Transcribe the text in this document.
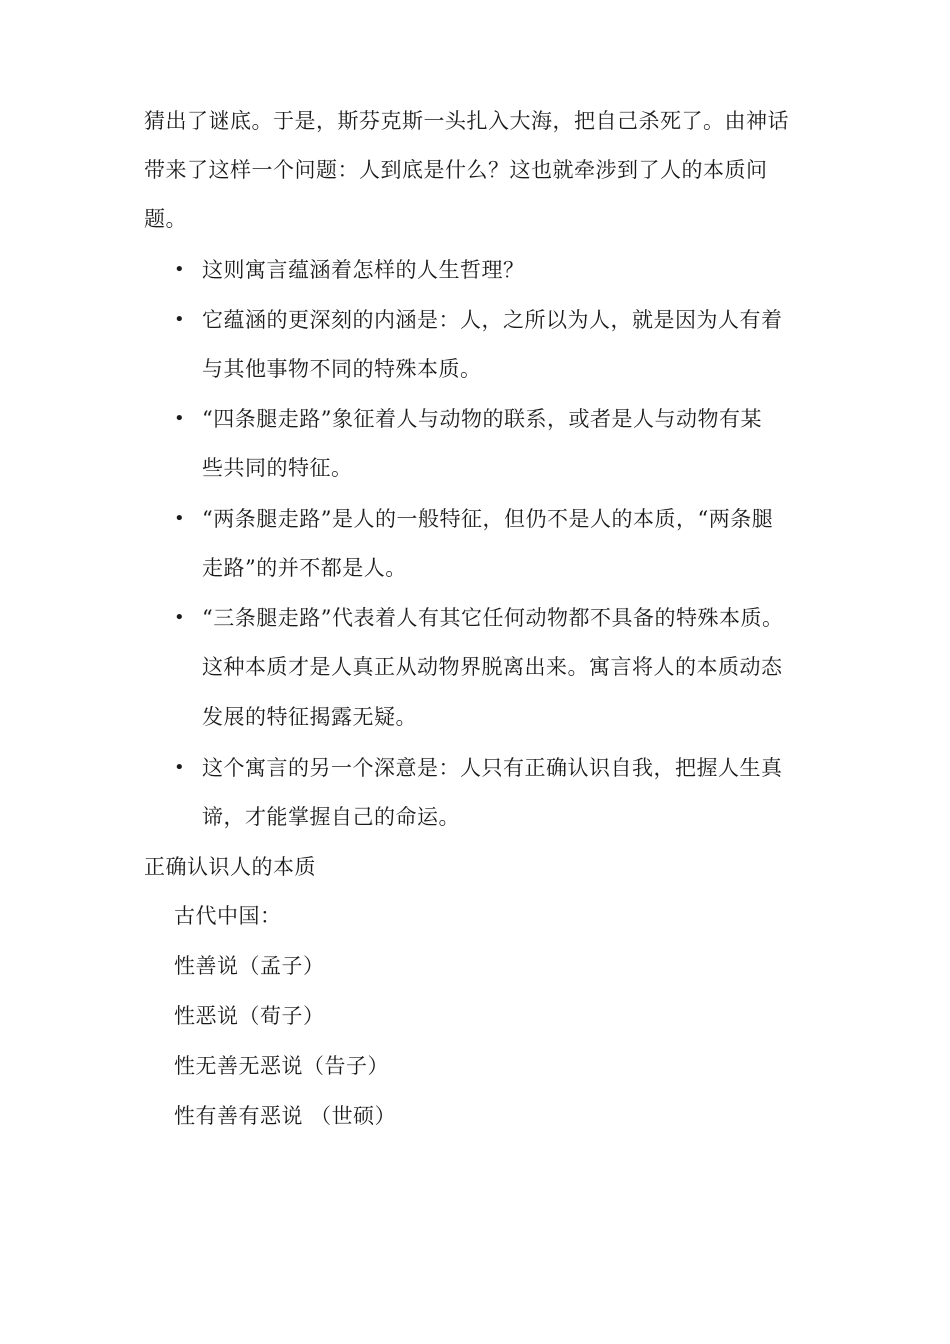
猜出了谜底。于是，斯芬克斯一头扎入大海，把自己杀死了。由神话
带来了这样一个问题：人到底是什么？这也就牵涉到了人的本质问
题。
• 这则寓言蕴涵着怎样的人生哲理？
• 它蕴涵的更深刻的内涵是：人，之所以为人，就是因为人有着
与其他事物不同的特殊本质。
• “四条腿走路”象征着人与动物的联系，或者是人与动物有某
些共同的特征。
• “两条腿走路”是人的一般特征，但仍不是人的本质，“两条腿
走路”的并不都是人。
• “三条腿走路”代表着人有其它任何动物都不具备的特殊本质。
这种本质才是人真正从动物界脱离出来。寓言将人的本质动态
发展的特征揭露无疑。
• 这个寓言的另一个深意是：人只有正确认识自我，把握人生真
谛，才能掌握自己的命运。
正确认识人的本质
古代中国：
性善说（孟子）
性恶说（荀子）
性无善无恶说（告子）
性有善有恶说 （世硕）
